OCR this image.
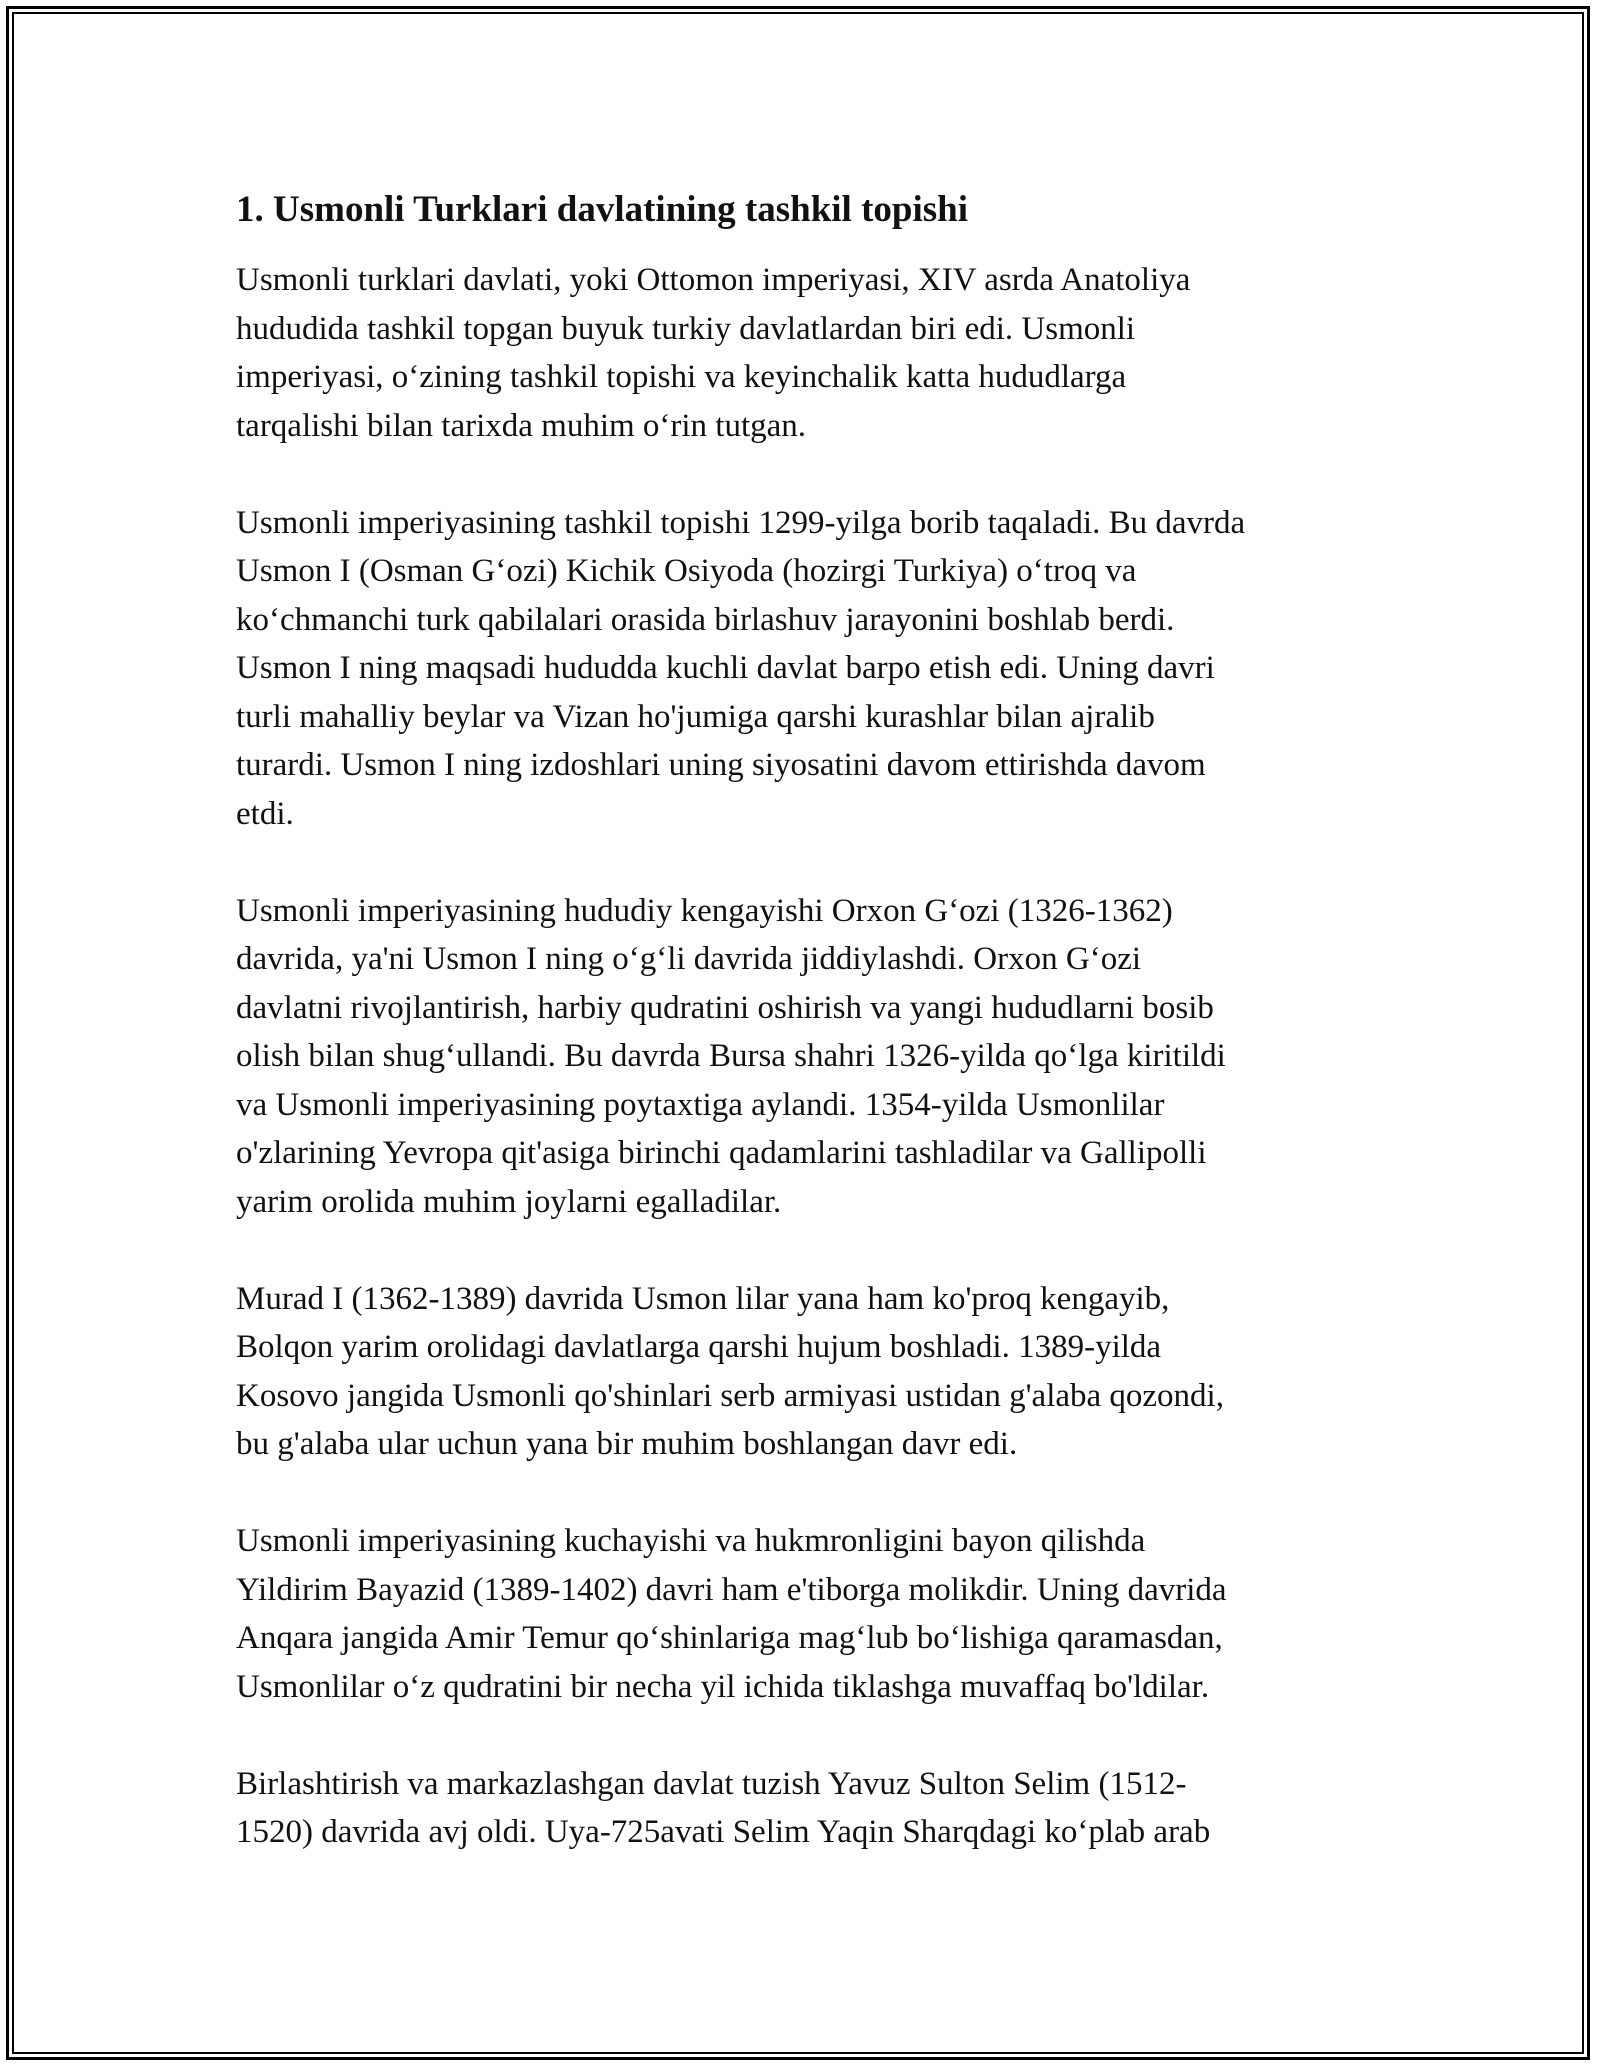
1. Usmonli Turklari davlatining tashkil topishi

Usmonli turklari davlati, yoki Ottomon imperiyasi, XIV asrda Anatoliya
hududida tashkil topgan buyuk turkiy davlatlardan biri edi. Usmonli
imperiyasi, o‘zining tashkil topishi va keyinchalik katta hududlarga
tarqalishi bilan tarixda muhim o‘rin tutgan.

Usmonli imperiyasining tashkil topishi 1299-yilga borib taqaladi. Bu davrda
Usmon I (Osman G‘ozi) Kichik Osiyoda (hozirgi Turkiya) o‘troq va
ko‘chmanchi turk qabilalari orasida birlashuv jarayonini boshlab berdi.
Usmon I ning maqsadi hududda kuchli davlat barpo etish edi. Uning davri
turli mahalliy beylar va Vizan ho'jumiga qarshi kurashlar bilan ajralib
turardi. Usmon I ning izdoshlari uning siyosatini davom ettirishda davom
etdi.

Usmonli imperiyasining hududiy kengayishi Orxon G‘ozi (1326-1362)
davrida, ya'ni Usmon I ning o‘g‘li davrida jiddiylashdi. Orxon G‘ozi
davlatni rivojlantirish, harbiy qudratini oshirish va yangi hududlarni bosib
olish bilan shug‘ullandi. Bu davrda Bursa shahri 1326-yilda qo‘lga kiritildi
va Usmonli imperiyasining poytaxtiga aylandi. 1354-yilda Usmonlilar
o'zlarining Yevropa qit'asiga birinchi qadamlarini tashladilar va Gallipolli
yarim orolida muhim joylarni egalladilar.

Murad I (1362-1389) davrida Usmon lilar yana ham ko'proq kengayib,
Bolqon yarim orolidagi davlatlarga qarshi hujum boshladi. 1389-yilda
Kosovo jangida Usmonli qo'shinlari serb armiyasi ustidan g'alaba qozondi,
bu g'alaba ular uchun yana bir muhim boshlangan davr edi.

Usmonli imperiyasining kuchayishi va hukmronligini bayon qilishda
Yildirim Bayazid (1389-1402) davri ham e'tiborga molikdir. Uning davrida
Anqara jangida Amir Temur qo‘shinlariga mag‘lub bo‘lishiga qaramasdan,
Usmonlilar o‘z qudratini bir necha yil ichida tiklashga muvaffaq bo'ldilar.

Birlashtirish va markazlashgan davlat tuzish Yavuz Sulton Selim (1512-
1520) davrida avj oldi. Uya-725avati Selim Yaqin Sharqdagi ko‘plab arab
